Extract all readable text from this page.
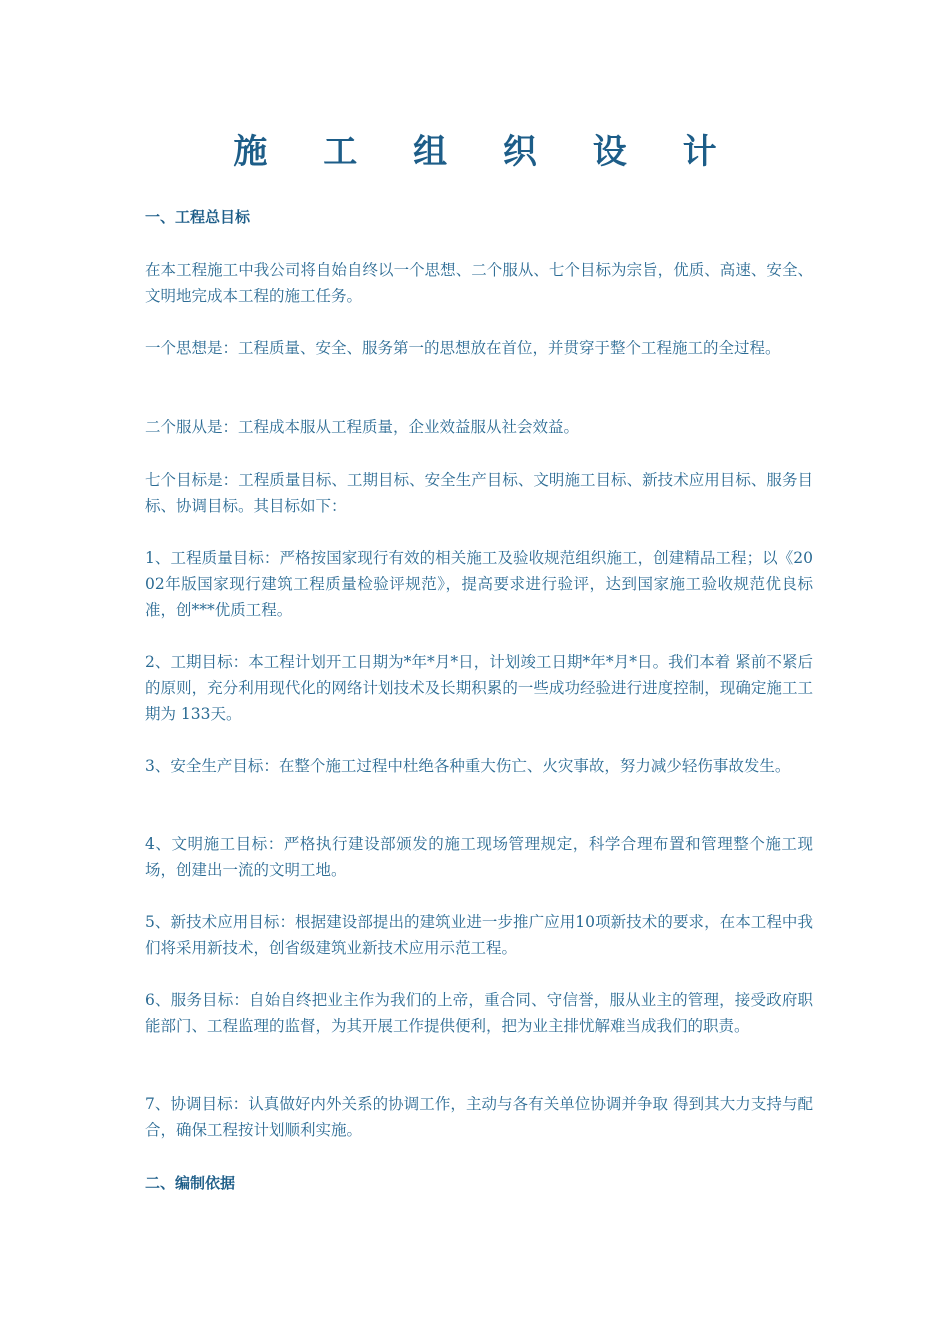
施 工 组 织 设 计
一、工程总目标
在本工程施工中我公司将自始自终以一个思想、二个服从、七个目标为宗旨，优质、高速、安全、文明地完成本工程的施工任务。
一个思想是：工程质量、安全、服务第一的思想放在首位，并贯穿于整个工程施工的全过程。
二个服从是：工程成本服从工程质量，企业效益服从社会效益。
七个目标是：工程质量目标、工期目标、安全生产目标、文明施工目标、新技术应用目标、服务目标、协调目标。其目标如下：
1、工程质量目标：严格按国家现行有效的相关施工及验收规范组织施工，创建精品工程；以《2002年版国家现行建筑工程质量检验评规范》，提高要求进行验评，达到国家施工验收规范优良标准，创***优质工程。
2、工期目标：本工程计划开工日期为*年*月*日，计划竣工日期*年*月*日。我们本着 紧前不紧后的原则，充分利用现代化的网络计划技术及长期积累的一些成功经验进行进度控制，现确定施工工期为 133天。
3、安全生产目标：在整个施工过程中杜绝各种重大伤亡、火灾事故，努力减少轻伤事故发生。
4、文明施工目标：严格执行建设部颁发的施工现场管理规定，科学合理布置和管理整个施工现场，创建出一流的文明工地。
5、新技术应用目标：根据建设部提出的建筑业进一步推广应用10项新技术的要求，在本工程中我们将采用新技术，创省级建筑业新技术应用示范工程。
6、服务目标：自始自终把业主作为我们的上帝，重合同、守信誉，服从业主的管理，接受政府职能部门、工程监理的监督，为其开展工作提供便利，把为业主排忧解难当成我们的职责。
7、协调目标：认真做好内外关系的协调工作，主动与各有关单位协调并争取 得到其大力支持与配合，确保工程按计划顺利实施。
二、编制依据
